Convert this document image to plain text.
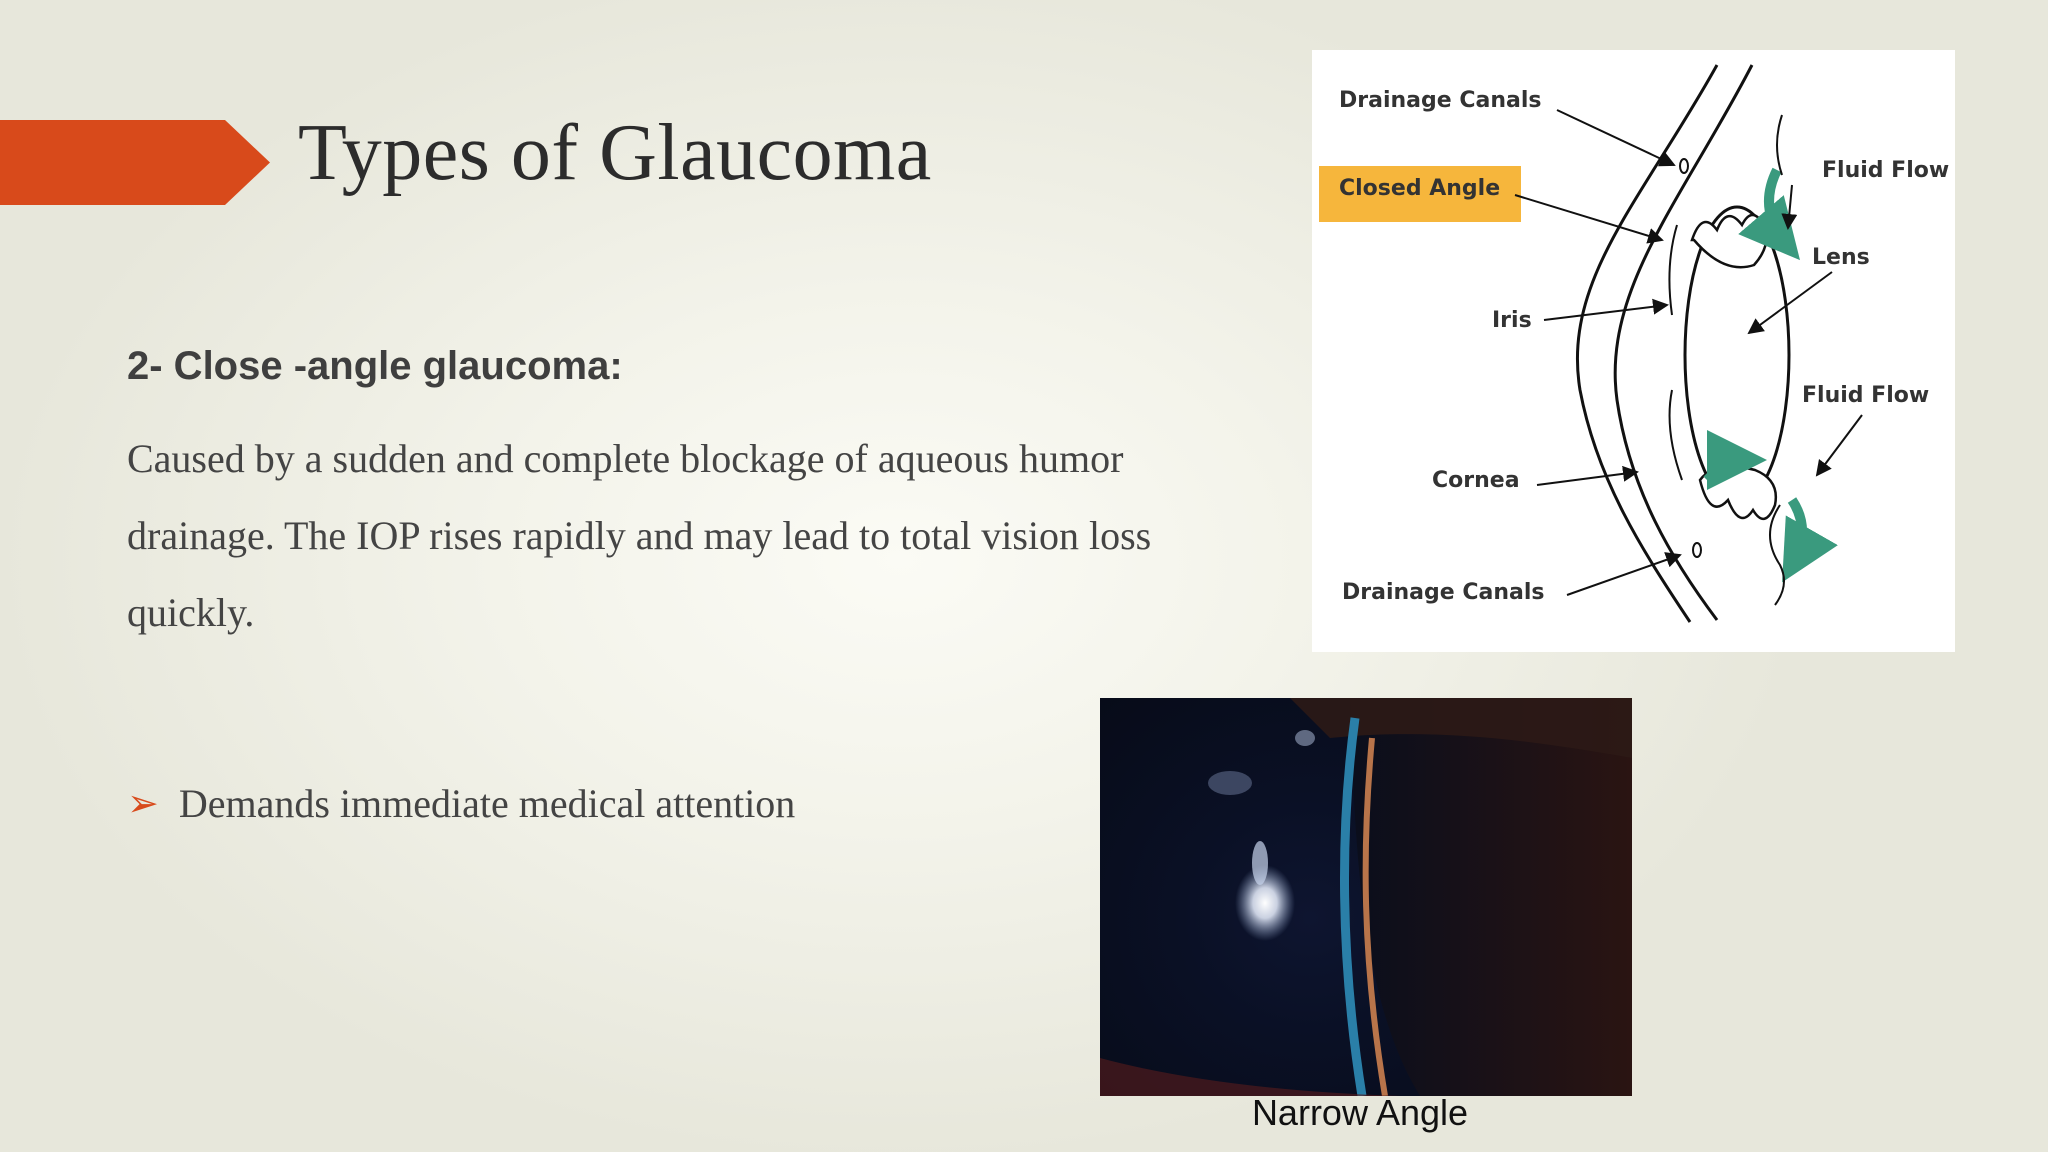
Types of Glaucoma
2- Close -angle glaucoma:
Caused by a sudden and complete blockage of aqueous humor drainage. The IOP rises rapidly and may lead to total vision loss quickly.
➢ Demands immediate medical attention
Drainage Canals
Closed Angle
Fluid Flow
Lens
Iris
Fluid Flow
Cornea
Drainage Canals
Narrow Angle
